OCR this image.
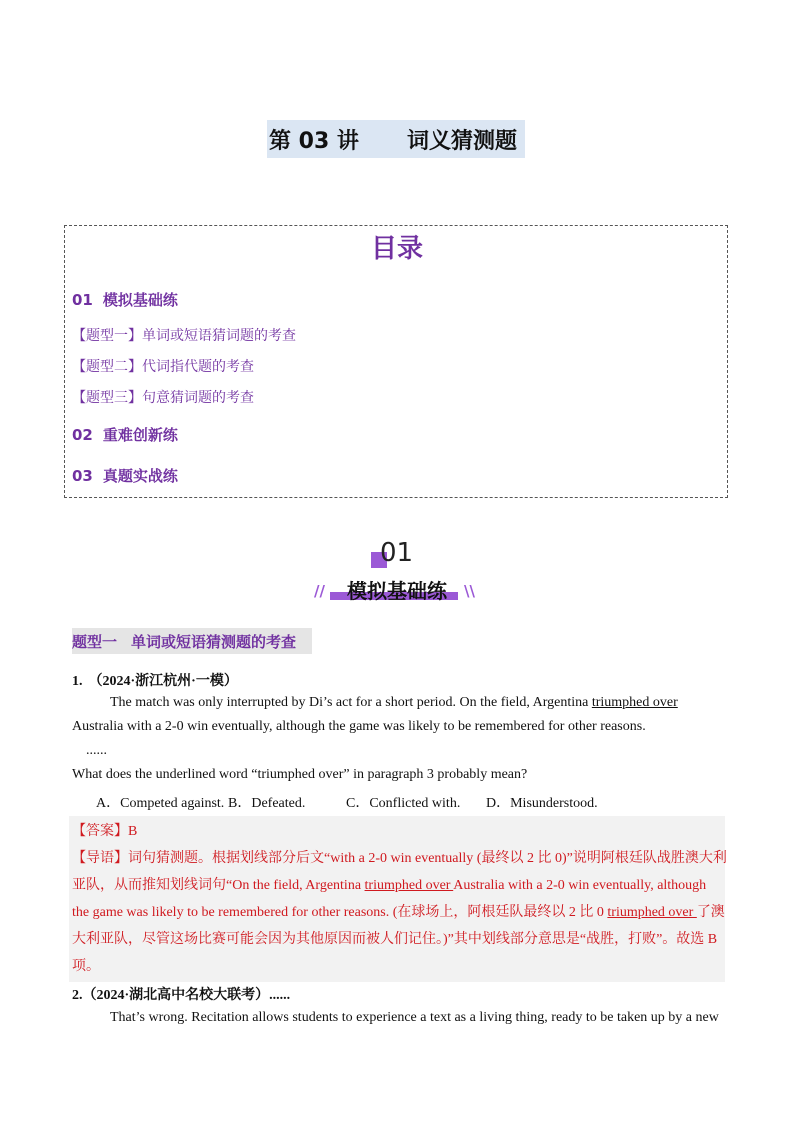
第 03 讲 词义猜测题
目录
01 模拟基础练
【题型一】单词或短语猜词题的考查
【题型二】代词指代题的考查
【题型三】句意猜词题的考查
02 重难创新练
03 真题实战练
01
模拟基础练
//	\\
题型一 单词或短语猜测题的考查
1. （2024·浙江杭州·一模）
The match was only interrupted by Di’s act for a short period. On the field, Argentina triumphed over
Australia with a 2-0 win eventually, although the game was likely to be remembered for other reasons.
......
What does the underlined word “triumphed over” in paragraph 3 probably mean?
A．Competed against. B．Defeated.	C．Conflicted with. D．Misunderstood.
【答案】B
【导语】词句猜测题。根据划线部分后文“with a 2-0 win eventually (最终以 2 比 0)”说明阿根廷队战胜澳大利
亚队，从而推知划线词句“On the field, Argentina triumphed over Australia with a 2-0 win eventually, although
the game was likely to be remembered for other reasons. (在球场上，阿根廷队最终以 2 比 0 triumphed over 了澳
大利亚队，尽管这场比赛可能会因为其他原因而被人们记住。)”其中划线部分意思是“战胜，打败”。故选 B
项。
2.（2024·湖北高中名校大联考）......
That’s wrong. Recitation allows students to experience a text as a living thing, ready to be taken up by a new
